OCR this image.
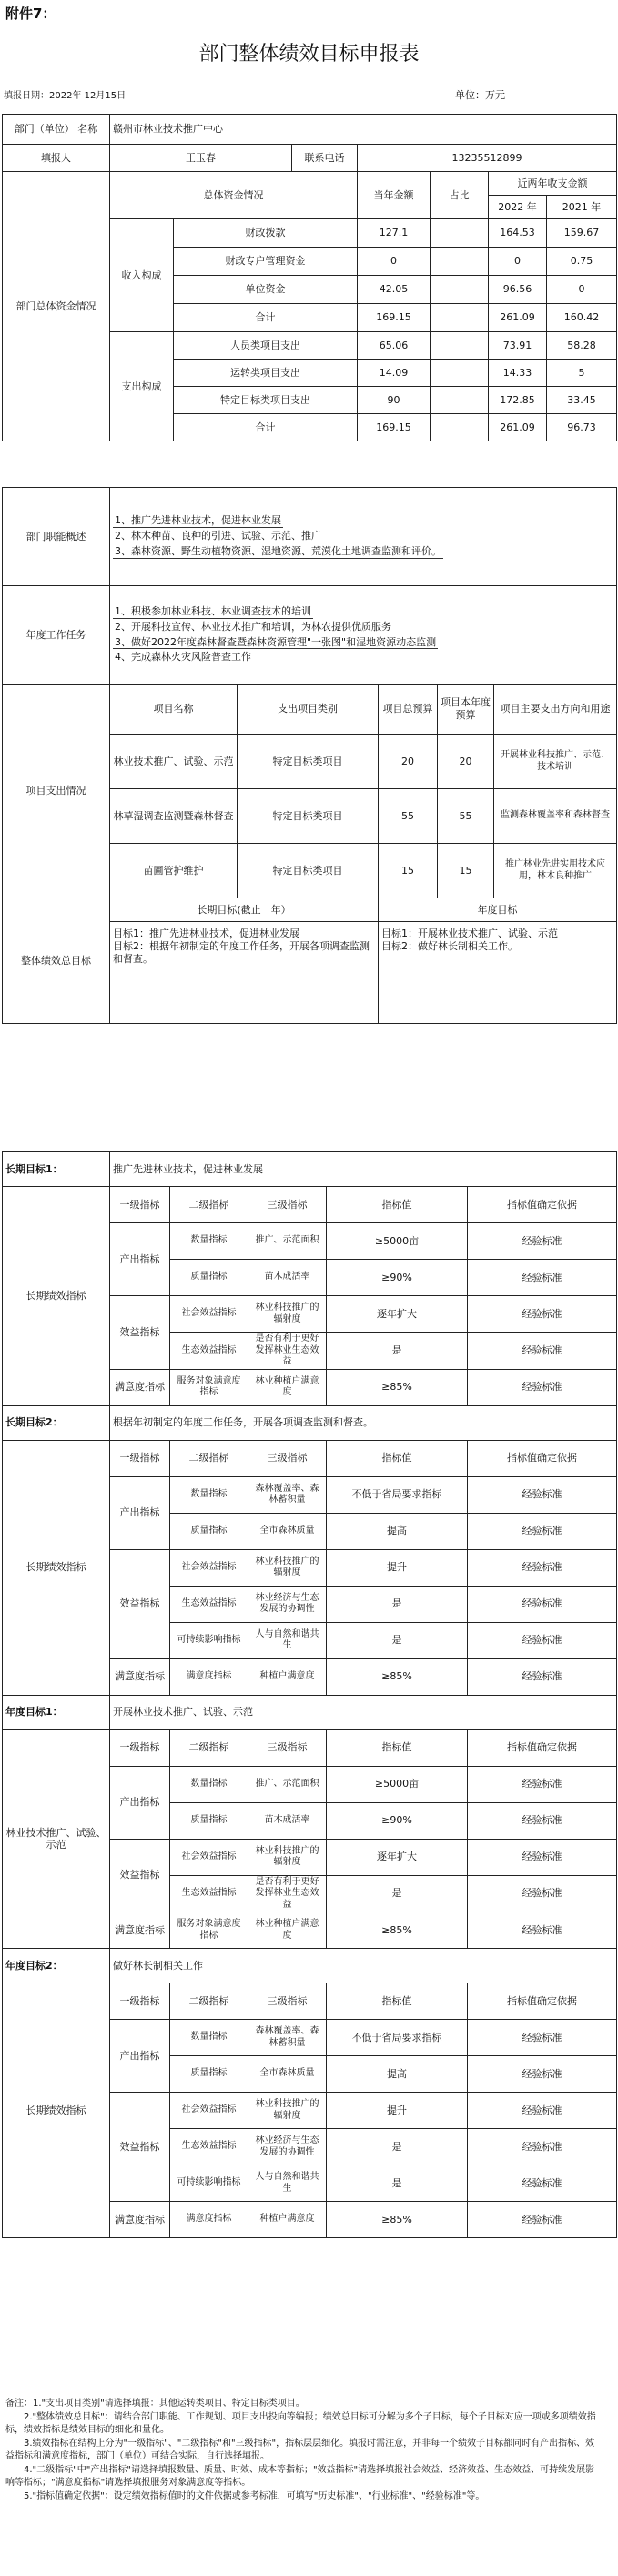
附件7：
部门整体绩效目标申报表
填报日期：2022年 12月15日	单位：万元
部门（单位） 名称	赣州市林业技术推广中心						
填报人	王玉春		联系电话	13235512899			
部门总体资金情况	总体资金情况			当年金额	占比	近两年收支金额	
						2022 年	2021 年
	收入构成	财政拨款		127.1		164.53	159.67
		财政专户管理资金		0		0	0.75
		单位资金		42.05		96.56	0
		合计		169.15		261.09	160.42
	支出构成	人员类项目支出		65.06		73.91	58.28
		运转类项目支出		14.09		14.33	5
		特定目标类项目支出		90		172.85	33.45
		合计		169.15		261.09	96.73
部门职能概述	1、推广先进林业技术，促进林业发展
2、林木种苗、良种的引进、试验、示范、推广
3、森林资源、野生动植物资源、湿地资源、荒漠化土地调查监测和评价。				
年度工作任务	1、积极参加林业科技、林业调查技术的培训
2、开展科技宣传、林业技术推广和培训，为林农提供优质服务
3、做好2022年度森林督查暨森林资源管理"一张图"和湿地资源动态监测
4、完成森林火灾风险普查工作				
项目支出情况	项目名称	支出项目类别	项目总预算	项目本年度预算	项目主要支出方向和用途
	林业技术推广、试验、示范	特定目标类项目	20	20	开展林业科技推广、示范、技术培训
	林草湿调查监测暨森林督查	特定目标类项目	55	55	监测森林覆盖率和森林督查
	苗圃管护维护	特定目标类项目	15	15	推广林业先进实用技术应用，林木良种推广
整体绩效总目标	长期目标(截止　年）		年度目标		
	目标1：推广先进林业技术，促进林业发展
目标2：根据年初制定的年度工作任务，开展各项调查监测和督查。		目标1：开展林业技术推广、试验、示范
目标2：做好林长制相关工作。		
长期目标1：	推广先进林业技术，促进林业发展				
长期绩效指标	一级指标	二级指标	三级指标	指标值	指标值确定依据
	产出指标	数量指标	推广、示范面积	≥5000亩	经验标准
		质量指标	苗木成活率	≥90%	经验标准
	效益指标	社会效益指标	林业科技推广的辐射度	逐年扩大	经验标准
		生态效益指标	是否有利于更好发挥林业生态效益	是	经验标准
	满意度指标	服务对象满意度指标	林业种植户满意度	≥85%	经验标准
长期目标2：	根据年初制定的年度工作任务，开展各项调查监测和督查。				
长期绩效指标	一级指标	二级指标	三级指标	指标值	指标值确定依据
	产出指标	数量指标	森林覆盖率、森林蓄积量	不低于省局要求指标	经验标准
		质量指标	全市森林质量	提高	经验标准
	效益指标	社会效益指标	林业科技推广的辐射度	提升	经验标准
		生态效益指标	林业经济与生态发展的协调性	是	经验标准
		可持续影响指标	人与自然和谐共生	是	经验标准
	满意度指标	满意度指标	种植户满意度	≥85%	经验标准
年度目标1：	开展林业技术推广、试验、示范				
林业技术推广、试验、示范	一级指标	二级指标	三级指标	指标值	指标值确定依据
	产出指标	数量指标	推广、示范面积	≥5000亩	经验标准
		质量指标	苗木成活率	≥90%	经验标准
	效益指标	社会效益指标	林业科技推广的辐射度	逐年扩大	经验标准
		生态效益指标	是否有利于更好发挥林业生态效益	是	经验标准
	满意度指标	服务对象满意度指标	林业种植户满意度	≥85%	经验标准
年度目标2：	做好林长制相关工作				
长期绩效指标	一级指标	二级指标	三级指标	指标值	指标值确定依据
	产出指标	数量指标	森林覆盖率、森林蓄积量	不低于省局要求指标	经验标准
		质量指标	全市森林质量	提高	经验标准
	效益指标	社会效益指标	林业科技推广的辐射度	提升	经验标准
		生态效益指标	林业经济与生态发展的协调性	是	经验标准
		可持续影响指标	人与自然和谐共生	是	经验标准
	满意度指标	满意度指标	种植户满意度	≥85%	经验标准
备注：1."支出项目类别"请选择填报：其他运转类项目、特定目标类项目。
　　2."整体绩效总目标"：请结合部门职能、工作规划、项目支出投向等编报；绩效总目标可分解为多个子目标，每个子目标对应一项或多项绩效指标，绩效指标是绩效目标的细化和量化。
　　3.绩效指标在结构上分为"一级指标"、"二级指标"和"三级指标"，指标层层细化。填报时需注意，并非每一个绩效子目标都同时有产出指标、效益指标和满意度指标，部门（单位）可结合实际，自行选择填报。
　　4."二级指标"中"产出指标"请选择填报数量、质量、时效、成本等指标；"效益指标"请选择填报社会效益、经济效益、生态效益、可持续发展影响等指标；"满意度指标"请选择填报服务对象满意度等指标。
　　5."指标值确定依据"：设定绩效指标值时的文件依据或参考标准，可填写"历史标准"、"行业标准"、"经验标准"等。
